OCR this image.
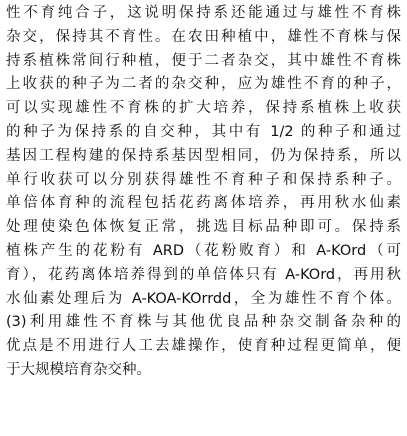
性不育纯合子，这说明保持系还能通过与雄性不育株
杂交，保持其不育性。在农田种植中，雄性不育株与保
持系植株常间行种植，便于二者杂交，其中雄性不育株
上收获的种子为二者的杂交种，应为雄性不育的种子，
可以实现雄性不育株的扩大培养，保持系植株上收获
的种子为保持系的自交种，其中有 1/2 的种子和通过
基因工程构建的保持系基因型相同，仍为保持系，所以
单行收获可以分别获得雄性不育种子和保持系种子。
单倍体育种的流程包括花药离体培养，再用秋水仙素
处理使染色体恢复正常，挑选目标品种即可。保持系
植株产生的花粉有 ARD（花粉败育）和 A-KOrd（可
育），花药离体培养得到的单倍体只有 A-KOrd，再用秋
水仙素处理后为 A-KOA-KOrrdd，全为雄性不育个体。
(3)利用雄性不育株与其他优良品种杂交制备杂种的
优点是不用进行人工去雄操作，使育种过程更简单，便
于大规模培育杂交种。
